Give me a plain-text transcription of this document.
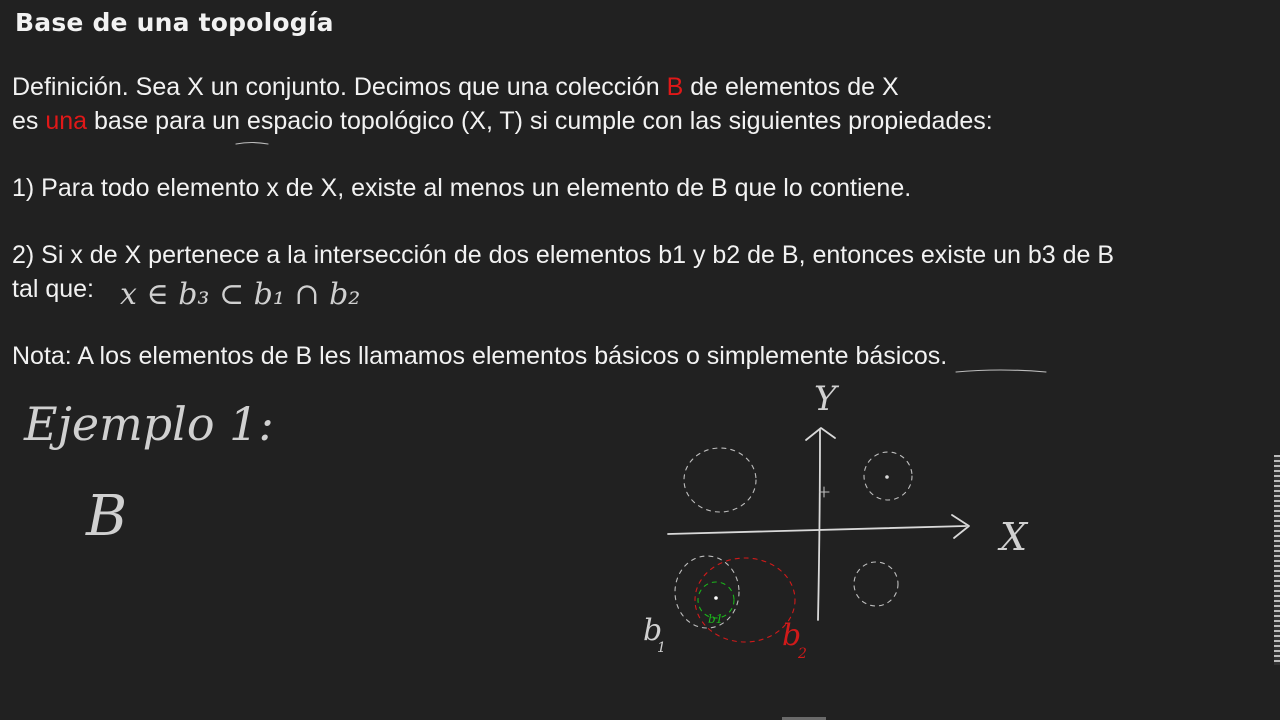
Base de una topología
Definición. Sea X un conjunto. Decimos que una colección B de elementos de X
es una base para un espacio topológico (X, T) si cumple con las siguientes propiedades:
1) Para todo elemento x de X, existe al menos un elemento de B que lo contiene.
2) Si x de X pertenece a la intersección de dos elementos b1 y b2 de B, entonces existe un b3 de B
tal que:
Nota: A los elementos de B les llamamos elementos básicos o simplemente básicos.
x ∈ b₃ ⊂ b₁ ∩ b₂
Ejemplo 1:
B	X
Y
b1
b
1	b
2
